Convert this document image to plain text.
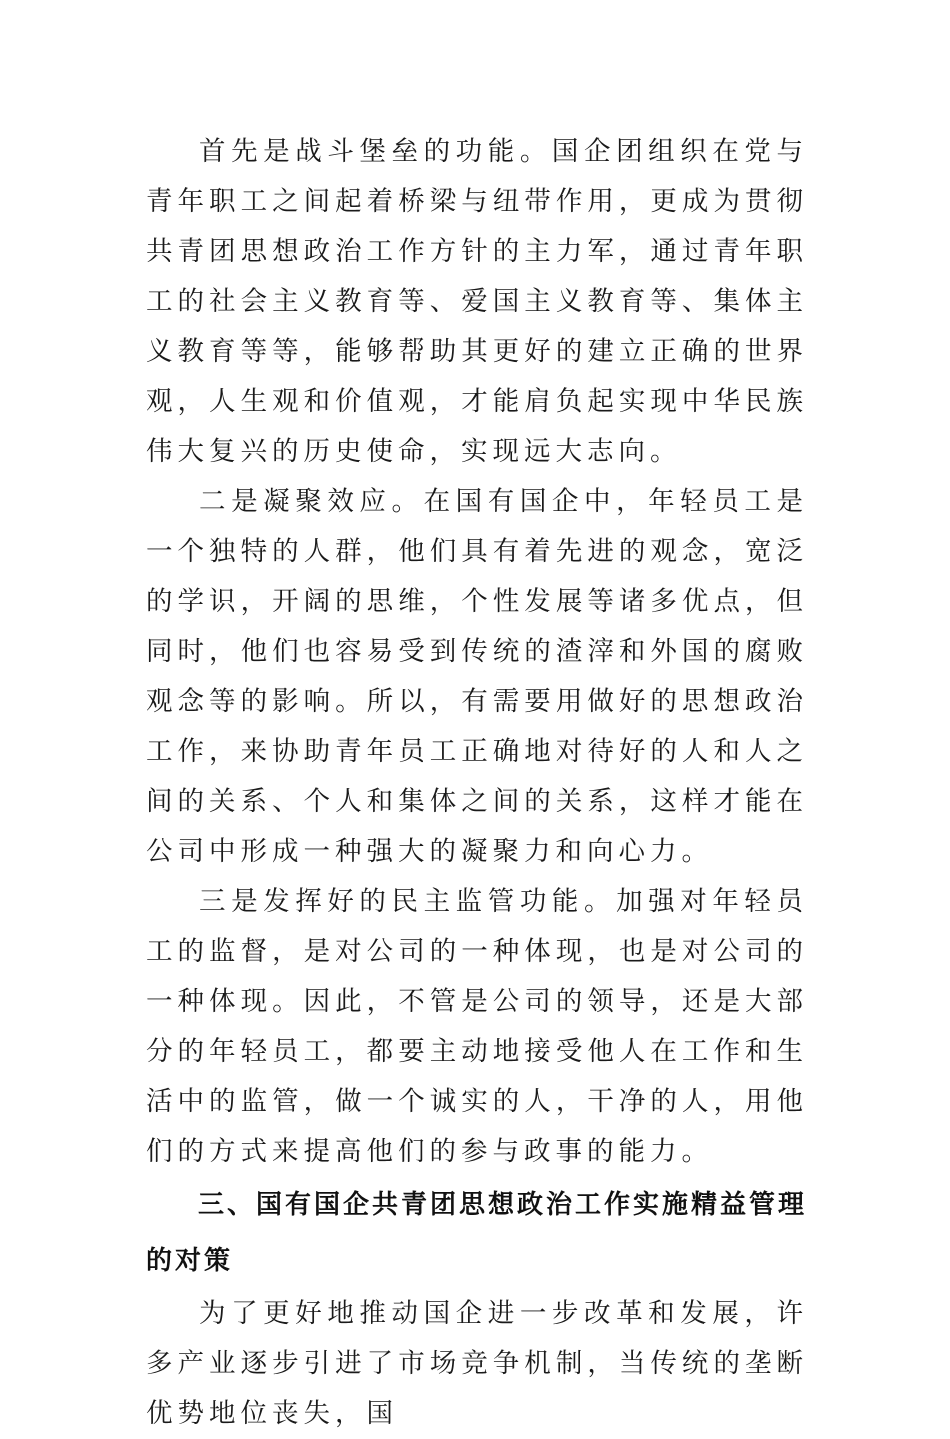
首先是战斗堡垒的功能。国企团组织在党与青年职工之间起着桥梁与纽带作用，更成为贯彻共青团思想政治工作方针的主力军，通过青年职工的社会主义教育等、爱国主义教育等、集体主义教育等等，能够帮助其更好的建立正确的世界观，人生观和价值观，才能肩负起实现中华民族伟大复兴的历史使命，实现远大志向。

二是凝聚效应。在国有国企中，年轻员工是一个独特的人群，他们具有着先进的观念，宽泛的学识，开阔的思维，个性发展等诸多优点，但同时，他们也容易受到传统的渣滓和外国的腐败观念等的影响。所以，有需要用做好的思想政治工作，来协助青年员工正确地对待好的人和人之间的关系、个人和集体之间的关系，这样才能在公司中形成一种强大的凝聚力和向心力。

三是发挥好的民主监管功能。加强对年轻员工的监督，是对公司的一种体现，也是对公司的一种体现。因此，不管是公司的领导，还是大部分的年轻员工，都要主动地接受他人在工作和生活中的监管，做一个诚实的人，干净的人，用他们的方式来提高他们的参与政事的能力。

三、国有国企共青团思想政治工作实施精益管理的对策

为了更好地推动国企进一步改革和发展，许多产业逐步引进了市场竞争机制，当传统的垄断优势地位丧失，国
